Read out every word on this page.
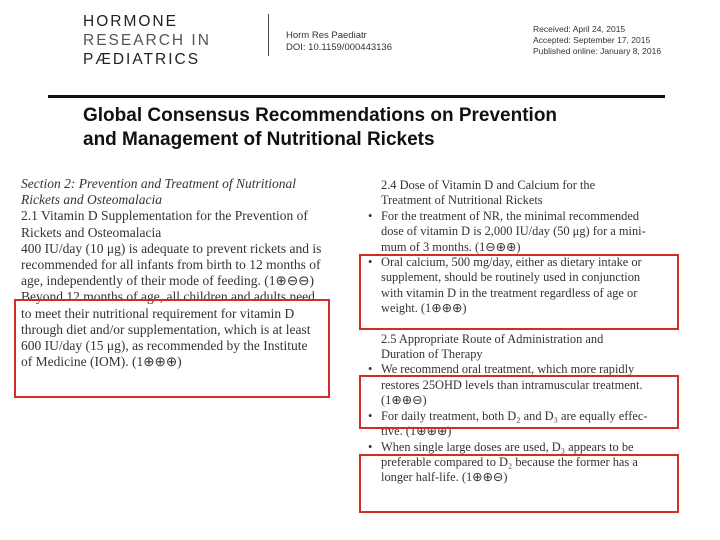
HORMONE
RESEARCH IN
PÆDIATRICS
Horm Res Paediatr
DOI: 10.1159/000443136
Received: April 24, 2015
Accepted: September 17, 2015
Published online: January 8, 2016
Global Consensus Recommendations on Prevention
and Management of Nutritional Rickets
Section 2: Prevention and Treatment of Nutritional
Rickets and Osteomalacia
2.1 Vitamin D Supplementation for the Prevention of
Rickets and Osteomalacia
400 IU/day (10 μg) is adequate to prevent rickets and is
recommended for all infants from birth to 12 months of
age, independently of their mode of feeding. (1⊕⊖⊖)
Beyond 12 months of age, all children and adults need
to meet their nutritional requirement for vitamin D
through diet and/or supplementation, which is at least
600 IU/day (15 μg), as recommended by the Institute
of Medicine (IOM). (1⊕⊕⊕)
2.4 Dose of Vitamin D and Calcium for the
Treatment of Nutritional Rickets
• For the treatment of NR, the minimal recommended
dose of vitamin D is 2,000 IU/day (50 μg) for a mini-
mum of 3 months. (1⊖⊕⊕)
• Oral calcium, 500 mg/day, either as dietary intake or
supplement, should be routinely used in conjunction
with vitamin D in the treatment regardless of age or
weight. (1⊕⊕⊕)
2.5 Appropriate Route of Administration and
Duration of Therapy
• We recommend oral treatment, which more rapidly
restores 25OHD levels than intramuscular treatment.
(1⊕⊕⊖)
• For daily treatment, both D₂ and D₃ are equally effec-
tive. (1⊕⊕⊕)
• When single large doses are used, D₃ appears to be
preferable compared to D₂ because the former has a
longer half-life. (1⊕⊕⊖)
